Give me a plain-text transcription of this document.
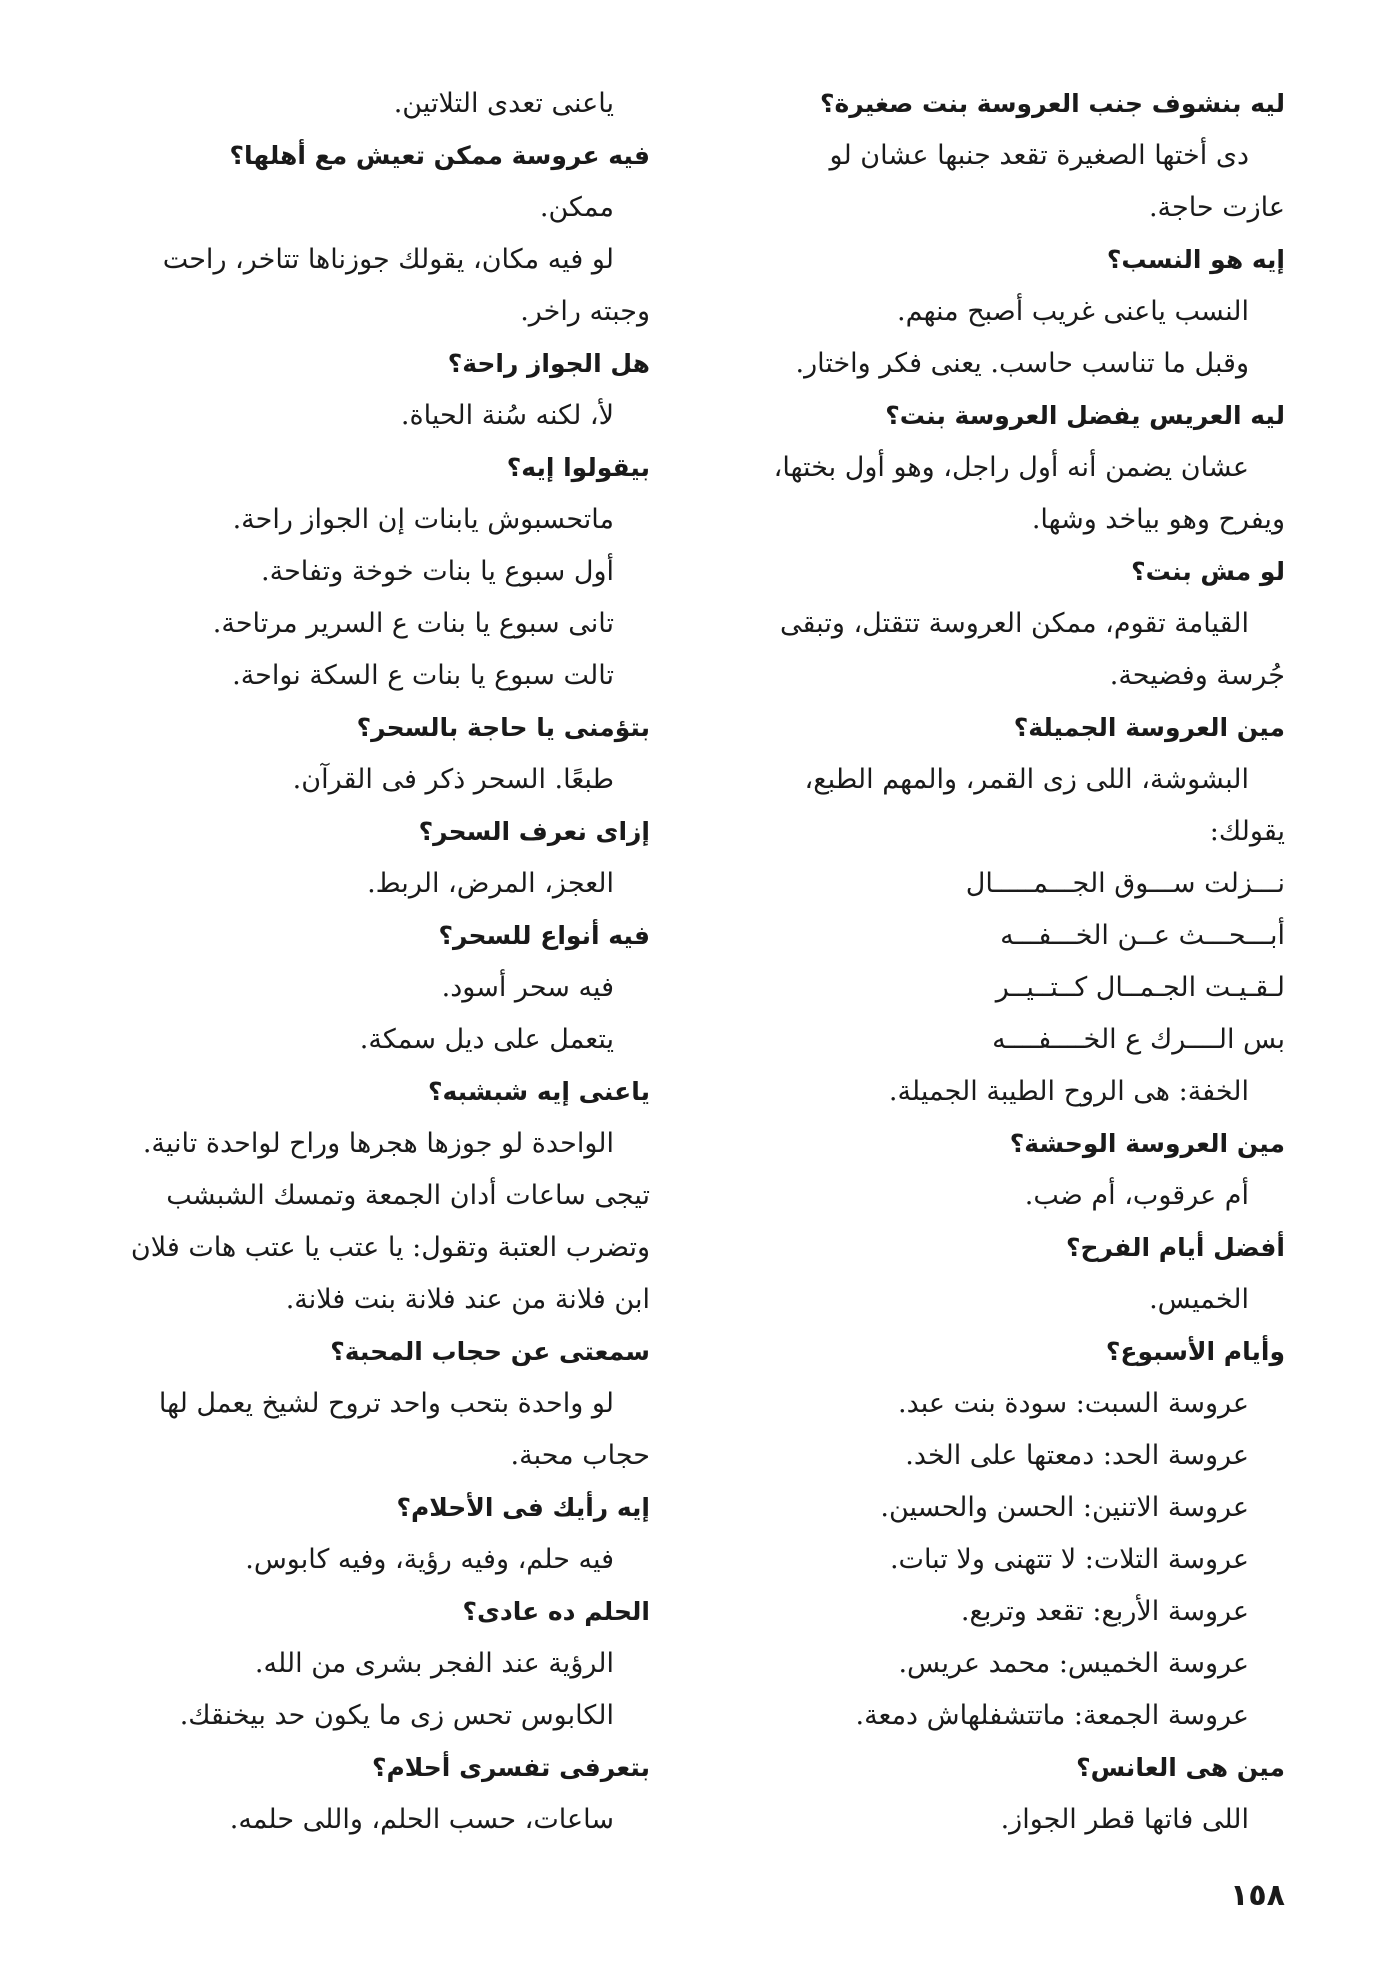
ليه بنشوف جنب العروسة بنت صغيرة؟
دى أختها الصغيرة تقعد جنبها عشان لو
عازت حاجة.
إيه هو النسب؟
النسب ياعنى غريب أصبح منهم.
وقبل ما تناسب حاسب. يعنى فكر واختار.
ليه العريس يفضل العروسة بنت؟
عشان يضمن أنه أول راجل، وهو أول بختها،
ويفرح وهو بياخد وشها.
لو مش بنت؟
القيامة تقوم، ممكن العروسة تتقتل، وتبقى
جُرسة وفضيحة.
مين العروسة الجميلة؟
البشوشة، اللى زى القمر، والمهم الطبع،
يقولك:
نـــزلت ســـوق الجـــمـــــال
أبـــحـــث عــن الخـــفـــه
لـقـيـت الجـمــال كــتــيــر
بس الــــرك ع الخــــفــــه
الخفة: هى الروح الطيبة الجميلة.
مين العروسة الوحشة؟
أم عرقوب، أم ضب.
أفضل أيام الفرح؟
الخميس.
وأيام الأسبوع؟
عروسة السبت: سودة بنت عبد.
عروسة الحد: دمعتها على الخد.
عروسة الاتنين: الحسن والحسين.
عروسة التلات: لا تتهنى ولا تبات.
عروسة الأربع: تقعد وتربع.
عروسة الخميس: محمد عريس.
عروسة الجمعة: ماتتشفلهاش دمعة.
مين هى العانس؟
اللى فاتها قطر الجواز.
ياعنى تعدى التلاتين.
فيه عروسة ممكن تعيش مع أهلها؟
ممكن.
لو فيه مكان، يقولك جوزناها تتاخر، راحت
وجبته راخر.
هل الجواز راحة؟
لأ، لكنه سُنة الحياة.
بيقولوا إيه؟
ماتحسبوش يابنات إن الجواز راحة.
أول سبوع يا بنات خوخة وتفاحة.
تانى سبوع يا بنات ع السرير مرتاحة.
تالت سبوع يا بنات ع السكة نواحة.
بتؤمنى يا حاجة بالسحر؟
طبعًا. السحر ذكر فى القرآن.
إزاى نعرف السحر؟
العجز، المرض، الربط.
فيه أنواع للسحر؟
فيه سحر أسود.
يتعمل على ديل سمكة.
ياعنى إيه شبشبه؟
الواحدة لو جوزها هجرها وراح لواحدة تانية.
تيجى ساعات أدان الجمعة وتمسك الشبشب
وتضرب العتبة وتقول: يا عتب يا عتب هات فلان
ابن فلانة من عند فلانة بنت فلانة.
سمعتى عن حجاب المحبة؟
لو واحدة بتحب واحد تروح لشيخ يعمل لها
حجاب محبة.
إيه رأيك فى الأحلام؟
فيه حلم، وفيه رؤية، وفيه كابوس.
الحلم ده عادى؟
الرؤية عند الفجر بشرى من الله.
الكابوس تحس زى ما يكون حد بيخنقك.
بتعرفى تفسرى أحلام؟
ساعات، حسب الحلم، واللى حلمه.
١٥٨
